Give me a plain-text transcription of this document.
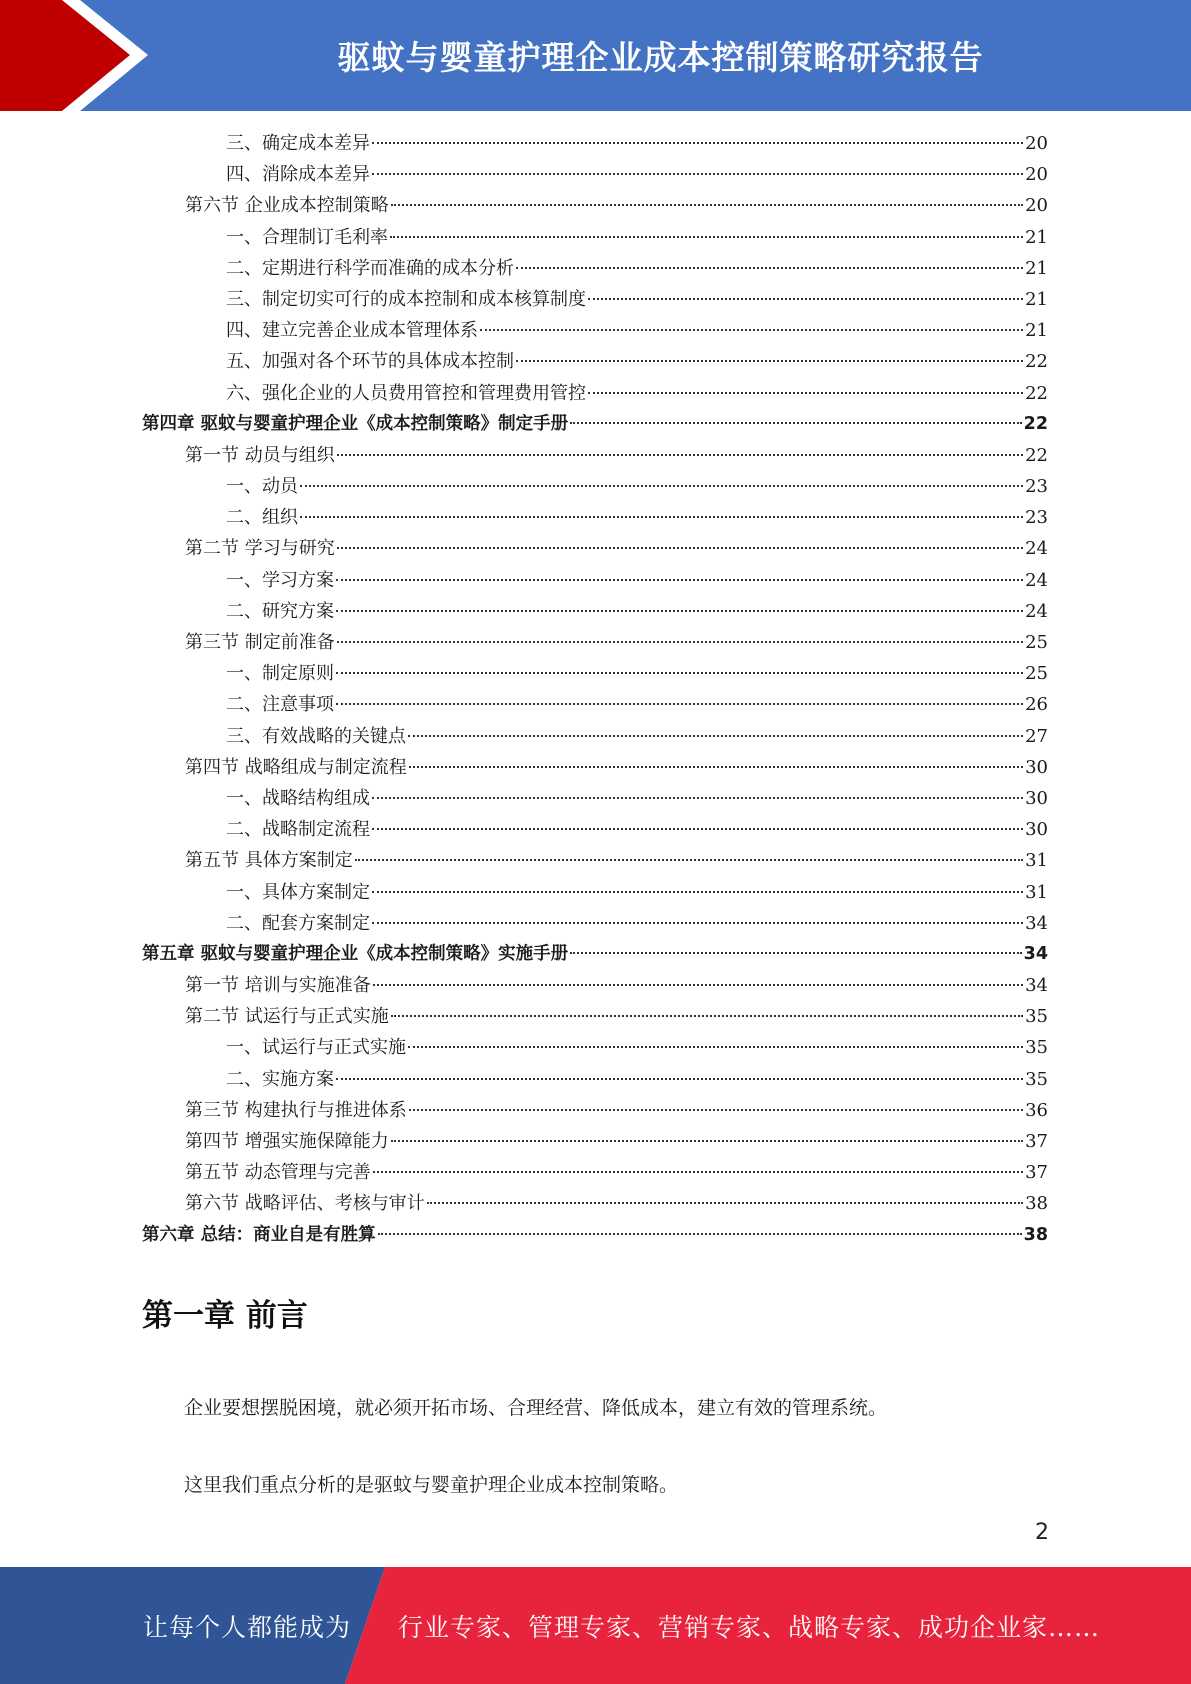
驱蚊与婴童护理企业成本控制策略研究报告
三、确定成本差异	20
四、消除成本差异	20
第六节 企业成本控制策略	20
一、合理制订毛利率	21
二、定期进行科学而准确的成本分析	21
三、制定切实可行的成本控制和成本核算制度	21
四、建立完善企业成本管理体系	21
五、加强对各个环节的具体成本控制	22
六、强化企业的人员费用管控和管理费用管控	22
第四章 驱蚊与婴童护理企业《成本控制策略》制定手册	22
第一节 动员与组织	22
一、动员	23
二、组织	23
第二节 学习与研究	24
一、学习方案	24
二、研究方案	24
第三节 制定前准备	25
一、制定原则	25
二、注意事项	26
三、有效战略的关键点	27
第四节 战略组成与制定流程	30
一、战略结构组成	30
二、战略制定流程	30
第五节 具体方案制定	31
一、具体方案制定	31
二、配套方案制定	34
第五章 驱蚊与婴童护理企业《成本控制策略》实施手册	34
第一节 培训与实施准备	34
第二节 试运行与正式实施	35
一、试运行与正式实施	35
二、实施方案	35
第三节 构建执行与推进体系	36
第四节 增强实施保障能力	37
第五节 动态管理与完善	37
第六节 战略评估、考核与审计	38
第六章 总结：商业自是有胜算	38
第一章 前言
企业要想摆脱困境，就必须开拓市场、合理经营、降低成本，建立有效的管理系统。
这里我们重点分析的是驱蚊与婴童护理企业成本控制策略。
2
让每个人都能成为 行业专家、管理专家、营销专家、战略专家、成功企业家……
